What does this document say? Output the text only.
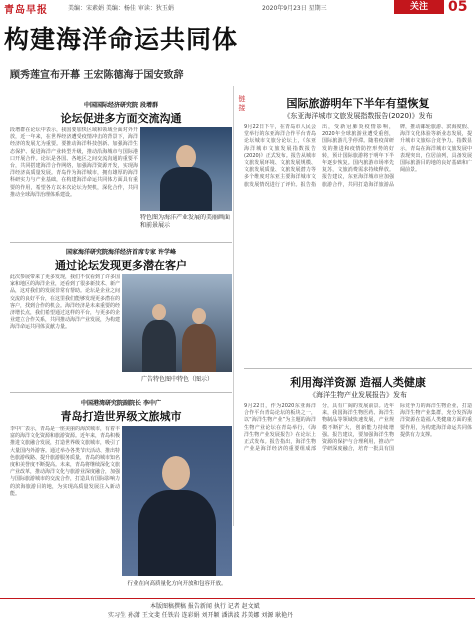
青岛早报	美编：宋素娟 美编：杨佳 审读：狄玉娟	2020年9月23日 星期三	关注	05
构建海洋命运共同体
顾秀莲宣布开幕 王宏陈德海于国安致辞
链接
中国国际经济研究院 段增群
论坛促进多方面交流沟通
段增群在论坛中表示，我国要加快区域和领域全面对外开放，近一年来，在世界经济遭受疫情冲击的背景下，海洋经济的发展尤为重要。要推动海洋科技创新、加强海洋生态保护、促进海洋产业转型升级，推动沿海城市与国际港口开展合作。论坛是各国、各地区之间交流沟通的重要平台，共同搭建海洋合作网络，加强海洋资源开发，实现海洋经济高质量发展。青岛作为海洋城市，拥有雄厚的海洋科研实力与产业基础，在构建海洋命运共同体方面具有重要的作用，希望各方以本次论坛为契机，深化合作，共同推动全球海洋治理体系建设。
特色图为海洋产业发展的美丽画面和前景展示
国家海洋研究院海洋经济首席专家 许学峰
通过论坛发现更多潜在客户
此次参展带来了更多发现，我们不仅看到了许多国家和地区的海洋企业，还看到了很多新技术、新产品，这对我们的发展非常有帮助。论坛是企业之间交流的良好平台，在这里我们能够发现更多潜在的客户，找到合作的机会。海洋经济是未来重要的经济增长点，我们希望通过这样的平台，与更多的企业建立合作关系，共同推动海洋产业发展，为构建海洋命运共同体贡献力量。
广告特色图中特色（图示）
中国港湾研究院副院长 李中广
青岛打造世界级文旅城市
李中广表示，青岛是一座美丽的海滨城市，有着丰富的海洋文化资源和旅游资源。近年来，青岛积极推进文旅融合发展，打造世界级文旅城市，吸引了大量国内外游客。通过举办各类节庆活动、推出特色旅游线路、提升旅游服务质量，青岛的城市知名度和美誉度不断提高。未来，青岛将继续深化文旅产业改革，推动海洋文化与旅游业深度融合，加强与国际旅游城市的交流合作，打造具有国际影响力的滨海旅游目的地，为实现高质量发展注入新动能。
行业在向高质量化方向开放和包容开放。
国际旅游明年下半年有望恢复
《东亚海洋城市文旅发展指数报告(2020)》发布
9月22日下午，在青岛市人民会堂举行的东亚海洋合作平台青岛论坛城市文旅分论坛上，《东亚海洋城市文旅发展指数报告(2020)》正式发布。报告从城市文旅发展环境、文旅发展规模、文旅发展质量、文旅发展潜力等多个维度对东亚主要海洋城市文旅发展情况进行了评价。报告指出，受新冠肺炎疫情影响，2020年全球旅游业遭受重创，国际旅游几乎停滞。随着疫苗研发的推进和疫情防控形势的好转，预计国际旅游将于明年下半年逐步恢复。国内旅游市场率先复苏，文旅消费需求持续释放。报告建议，东亚海洋城市应加强旅游合作，共同打造海洋旅游品牌，推动邮轮旅游、滨海度假、海洋文化体验等新业态发展，提升城市文旅综合竞争力。指数显示，青岛在海洋城市文旅发展中表现突出，位居前列，具备发展国际旅游目的地的良好基础和广阔前景。
利用海洋资源 造福人类健康
《海洋生物产业发展报告》发布
9月22日，作为2020东亚海洋合作平台青岛论坛的板块之一，以“海洋生物产业”为主题的海洋生物产业论坛在青岛举行，《海洋生物产业发展报告》在论坛上正式发布。报告指出，海洋生物产业是海洋经济的重要组成部分，具有广阔的发展前景。近年来，我国海洋生物医药、海洋生物制品等领域快速发展，产业规模不断扩大，创新能力持续增强。报告建议，要加强海洋生物资源的保护与合理利用，推动产学研深度融合，培育一批具有国际竞争力的海洋生物企业，打造海洋生物产业集群，充分发挥海洋资源在造福人类健康方面的重要作用，为构建海洋命运共同体提供有力支撑。
本版图稿撰稿 报告新闻 执行 记者 赵文斌
实习生 孙潇 王文斐 任铁岩 连彩娟 刘开颖 潘洪波 苏美娜 刘源 耿艳丹
